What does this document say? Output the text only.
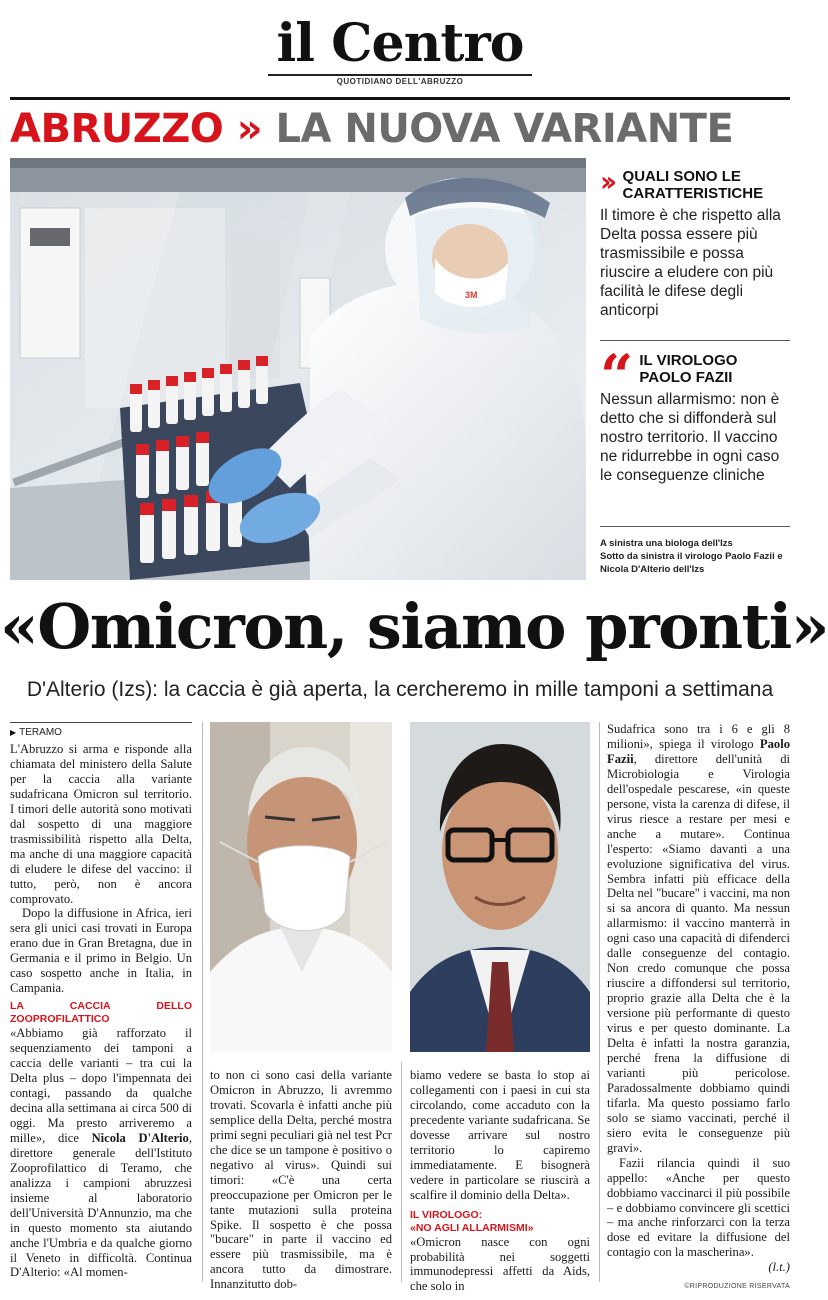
il Centro
QUOTIDIANO DELL'ABRUZZO
ABRUZZO » LA NUOVA VARIANTE
3M
›› QUALI SONO LE CARATTERISTICHE
Il timore è che rispetto alla Delta possa essere più trasmissibile e possa riuscire a eludere con più facilità le difese degli anticorpi
“ IL VIROLOGO PAOLO FAZII
Nessun allarmismo: non è detto che si diffonderà sul nostro territorio. Il vaccino ne ridurrebbe in ogni caso le conseguenze cliniche
A sinistra una biologa dell'Izs
Sotto da sinistra il virologo Paolo Fazii e Nicola D'Alterio dell'Izs
«Omicron, siamo pronti»
D'Alterio (Izs): la caccia è già aperta, la cercheremo in mille tamponi a settimana
▶ TERAMO

L'Abruzzo si arma e risponde alla chiamata del ministero della Salute per la caccia alla variante sudafricana Omicron sul territorio. I timori delle autorità sono motivati dal sospetto di una maggiore trasmissibilità rispetto alla Delta, ma anche di una maggiore capacità di eludere le difese del vaccino: il tutto, però, non è ancora comprovato.

Dopo la diffusione in Africa, ieri sera gli unici casi trovati in Europa erano due in Gran Bretagna, due in Germania e il primo in Belgio. Un caso sospetto anche in Italia, in Campania.

LA CACCIA DELLO ZOOPROFILATTICO

«Abbiamo già rafforzato il sequenziamento dei tamponi a caccia delle varianti – tra cui la Delta plus – dopo l'impennata dei contagi, passando da qualche decina alla settimana ai circa 500 di oggi. Ma presto arriveremo a mille», dice Nicola D'Alterio, direttore generale dell'Istituto Zooprofilattico di Teramo, che analizza i campioni abruzzesi insieme al laboratorio dell'Università D'Annunzio, ma che in questo momento sta aiutando anche l'Umbria e da qualche giorno il Veneto in difficoltà. Continua D'Alterio: «Al momen-

to non ci sono casi della variante Omicron in Abruzzo, li avremmo trovati. Scovarla è infatti anche più semplice della Delta, perché mostra primi segni peculiari già nel test Pcr che dice se un tampone è positivo o negativo al virus». Quindi sui timori: «C'è una certa preoccupazione per Omicron per le tante mutazioni sulla proteina Spike. Il sospetto è che possa "bucare" in parte il vaccino ed essere più trasmissibile, ma è ancora tutto da dimostrare. Innanzitutto dob-

biamo vedere se basta lo stop ai collegamenti con i paesi in cui sta circolando, come accaduto con la precedente variante sudafricana. Se dovesse arrivare sul nostro territorio lo capiremo immediatamente. E bisognerà vedere in particolare se riuscirà a scalfire il dominio della Delta».

IL VIROLOGO:

«NO AGLI ALLARMISMI»

«Omicron nasce con ogni probabilità nei soggetti immunodepressi affetti da Aids, che solo in

Sudafrica sono tra i 6 e gli 8 milioni», spiega il virologo Paolo Fazii, direttore dell'unità di Microbiologia e Virologia dell'ospedale pescarese, «in queste persone, vista la carenza di difese, il virus riesce a restare per mesi e anche a mutare». Continua l'esperto: «Siamo davanti a una evoluzione significativa del virus. Sembra infatti più efficace della Delta nel "bucare" i vaccini, ma non si sa ancora di quanto. Ma nessun allarmismo: il vaccino manterrà in ogni caso una capacità di difenderci dalle conseguenze del contagio. Non credo comunque che possa riuscire a diffondersi sul territorio, proprio grazie alla Delta che è la versione più performante di questo virus e per questo dominante. La Delta è infatti la nostra garanzia, perché frena la diffusione di varianti più pericolose. Paradossalmente dobbiamo quindi tifarla. Ma questo possiamo farlo solo se siamo vaccinati, perché il siero evita le conseguenze più gravi».

Fazii rilancia quindi il suo appello: «Anche per questo dobbiamo vaccinarci il più possibile – e dobbiamo convincere gli scettici – ma anche rinforzarci con la terza dose ed evitare la diffusione del contagio con la mascherina».

(l.t.)

©RIPRODUZIONE RISERVATA
